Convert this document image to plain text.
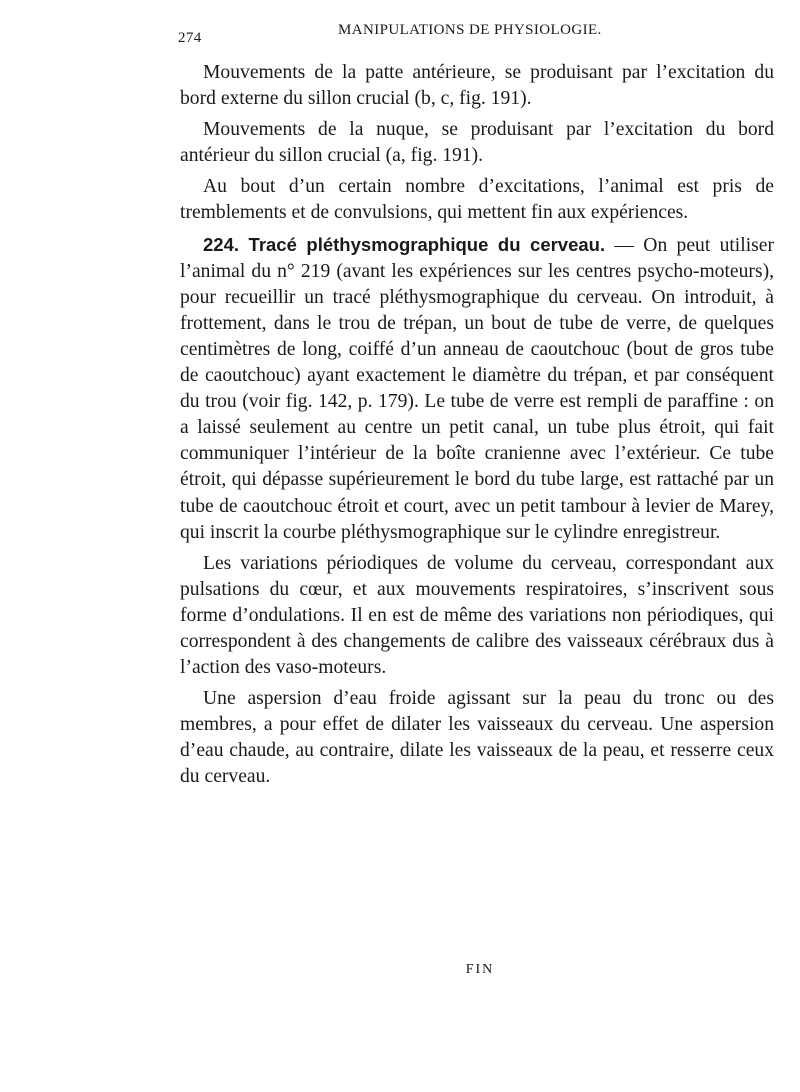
274	MANIPULATIONS DE PHYSIOLOGIE.

Mouvements de la patte antérieure, se produisant par l’excitation du bord externe du sillon crucial (b, c, fig. 191).

Mouvements de la nuque, se produisant par l’excitation du bord antérieur du sillon crucial (a, fig. 191).

Au bout d’un certain nombre d’excitations, l’animal est pris de tremblements et de convulsions, qui mettent fin aux expériences.

224. Tracé pléthysmographique du cerveau. — On peut utiliser l’animal du n° 219 (avant les expériences sur les centres psycho-moteurs), pour recueillir un tracé pléthysmographique du cerveau. On introduit, à frottement, dans le trou de trépan, un bout de tube de verre, de quelques centimètres de long, coiffé d’un anneau de caoutchouc (bout de gros tube de caoutchouc) ayant exactement le diamètre du trépan, et par conséquent du trou (voir fig. 142, p. 179). Le tube de verre est rempli de paraffine : on a laissé seulement au centre un petit canal, un tube plus étroit, qui fait communiquer l’intérieur de la boîte cranienne avec l’extérieur. Ce tube étroit, qui dépasse supérieurement le bord du tube large, est rattaché par un tube de caoutchouc étroit et court, avec un petit tambour à levier de Marey, qui inscrit la courbe pléthysmographique sur le cylindre enregistreur.

Les variations périodiques de volume du cerveau, correspondant aux pulsations du cœur, et aux mouvements respiratoires, s’inscrivent sous forme d’ondulations. Il en est de même des variations non périodiques, qui correspondent à des changements de calibre des vaisseaux cérébraux dus à l’action des vaso-moteurs.

Une aspersion d’eau froide agissant sur la peau du tronc ou des membres, a pour effet de dilater les vaisseaux du cerveau. Une aspersion d’eau chaude, au contraire, dilate les vaisseaux de la peau, et resserre ceux du cerveau.

FIN
